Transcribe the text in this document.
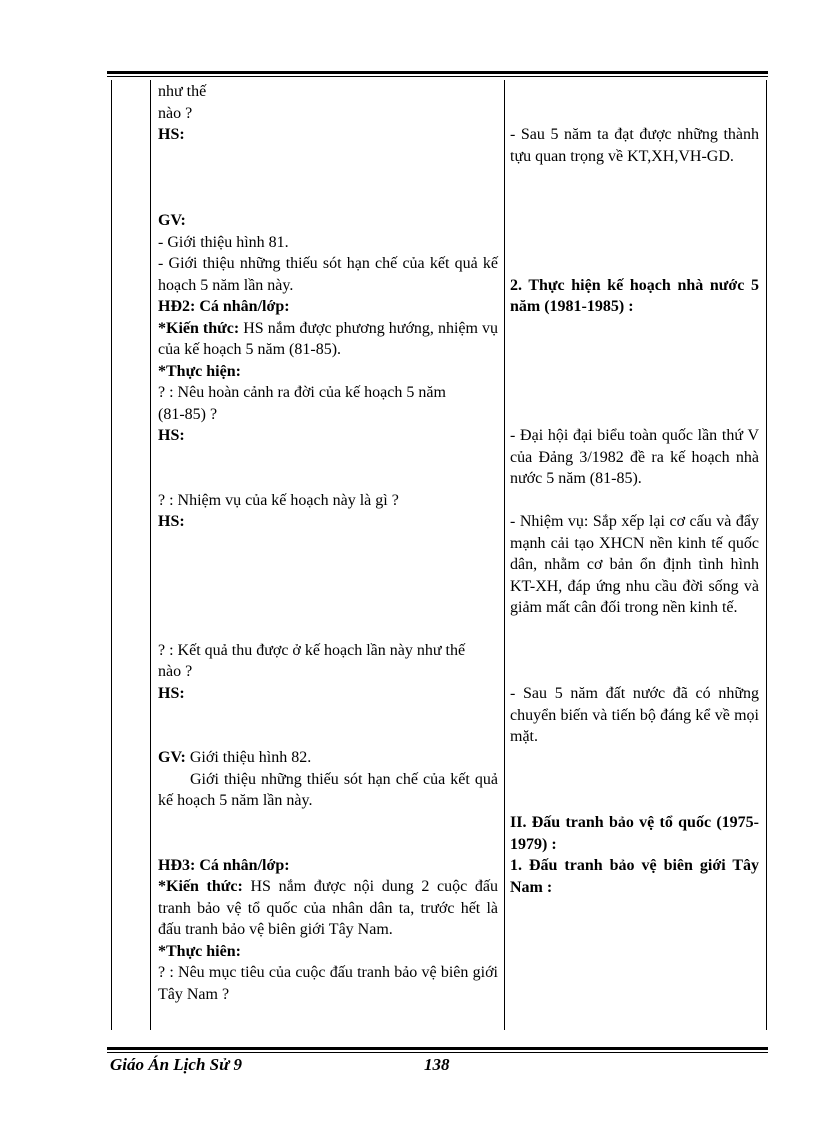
như thế

nào ?

HS:

GV:

- Giới thiệu hình 81.

- Giới thiệu những thiếu sót hạn chế của kết quả kế hoạch 5 năm lần này.

HĐ2: Cá nhân/lớp:

*Kiến thức: HS nắm được phương hướng, nhiệm vụ của kế hoạch 5 năm (81-85).

*Thực hiện:

? : Nêu hoàn cảnh ra đời của kế hoạch 5 năm

(81-85) ?

HS:

? : Nhiệm vụ của kế hoạch này là gì ?

HS:

? : Kết quả thu được ở kế hoạch lần này như thế

nào ?

HS:

GV: Giới thiệu hình 82.

Giới thiệu những thiếu sót hạn chế của kết quả kế hoạch 5 năm lần này.

HĐ3: Cá nhân/lớp:

*Kiến thức: HS nắm được nội dung 2 cuộc đấu tranh bảo vệ tổ quốc của nhân dân ta, trước hết là đấu tranh bảo vệ biên giới Tây Nam.

*Thực hiên:

? : Nêu mục tiêu của cuộc đấu tranh bảo vệ biên giới Tây Nam ?

- Sau 5 năm ta đạt được những thành tựu quan trọng về KT,XH,VH-GD.

2. Thực hiện kế hoạch nhà nước 5 năm (1981-1985) :

- Đại hội đại biểu toàn quốc lần thứ V của Đảng 3/1982 đề ra kế hoạch nhà nước 5 năm (81-85).

- Nhiệm vụ: Sắp xếp lại cơ cấu và đẩy mạnh cải tạo XHCN nền kinh tế quốc dân, nhằm cơ bản ổn định tình hình KT-XH, đáp ứng nhu cầu đời sống và giảm mất cân đối trong nền kinh tế.

- Sau 5 năm đất nước đã có những chuyển biến và tiến bộ đáng kể về mọi mặt.

II. Đấu tranh bảo vệ tổ quốc (1975-1979) :

1. Đấu tranh bảo vệ biên giới Tây Nam :

Giáo Án Lịch Sử 9	138
